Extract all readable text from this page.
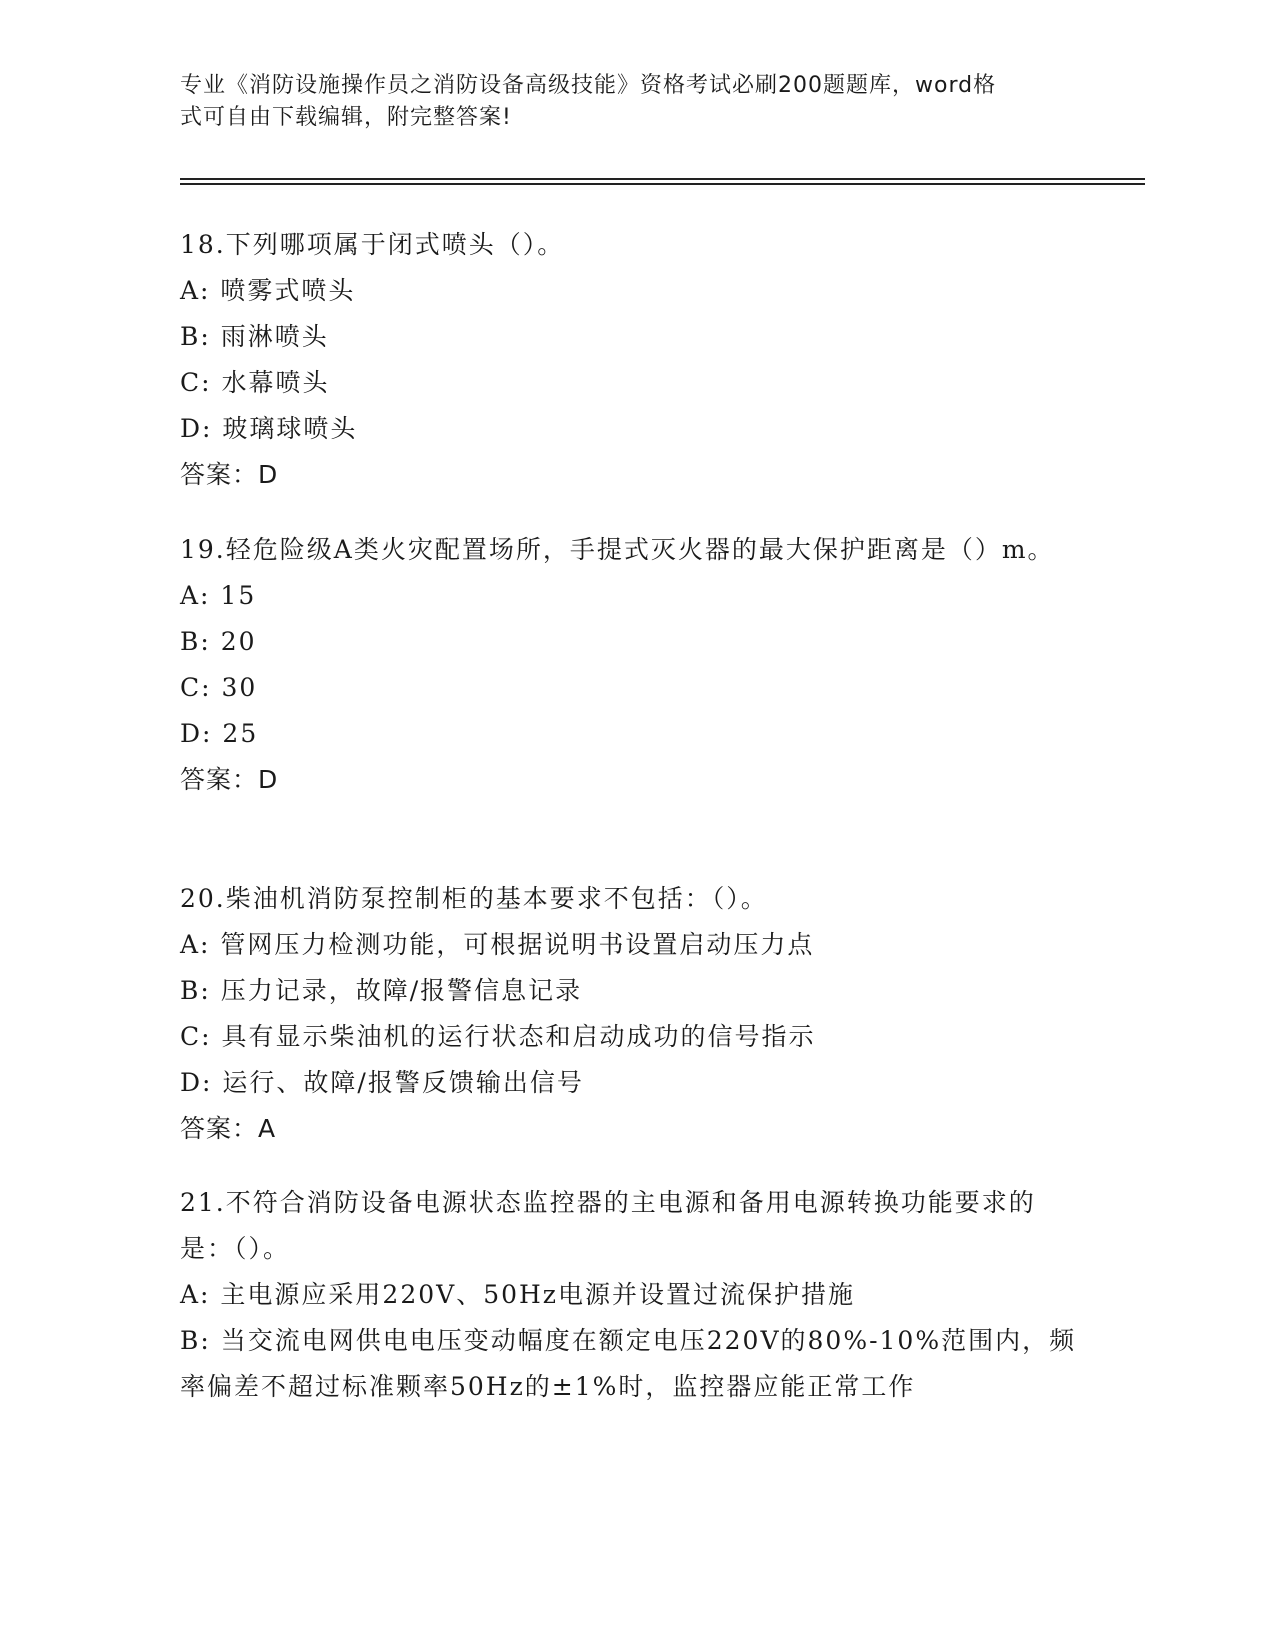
专业《消防设施操作员之消防设备高级技能》资格考试必刷200题题库，word格
式可自由下载编辑，附完整答案!
18.下列哪项属于闭式喷头（）。
A: 喷雾式喷头
B: 雨淋喷头
C: 水幕喷头
D: 玻璃球喷头
答案：D
19.轻危险级A类火灾配置场所，手提式灭火器的最大保护距离是（）m。
A: 15
B: 20
C: 30
D: 25
答案：D
20.柴油机消防泵控制柜的基本要求不包括：（）。
A: 管网压力检测功能，可根据说明书设置启动压力点
B: 压力记录，故障/报警信息记录
C: 具有显示柴油机的运行状态和启动成功的信号指示
D: 运行、故障/报警反馈输出信号
答案：A
21.不符合消防设备电源状态监控器的主电源和备用电源转换功能要求的是：（）。
A: 主电源应采用220V、50Hz电源并设置过流保护措施
B: 当交流电网供电电压变动幅度在额定电压220V的80%-10%范围内，频率偏差不超过标准颗率50Hz的±1%时，监控器应能正常工作
